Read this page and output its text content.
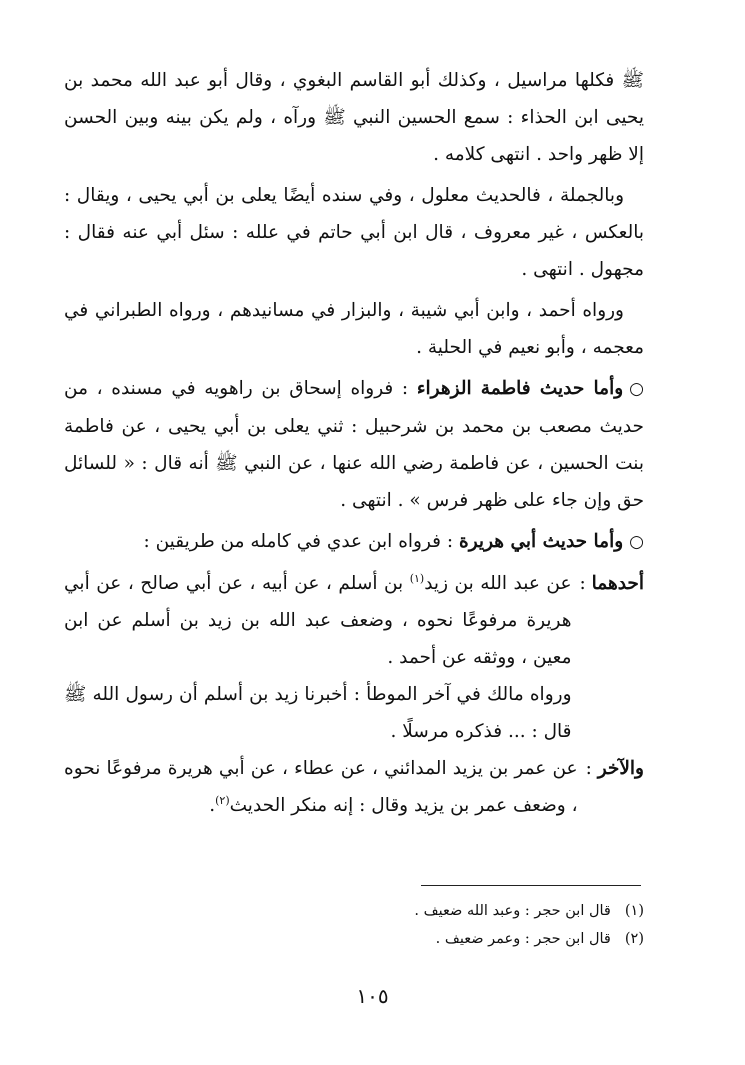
ﷺ فكلها مراسيل ، وكذلك أبو القاسم البغوي ، وقال أبو عبد الله محمد بن يحيى ابن الحذاء : سمع الحسين النبي ﷺ ورآه ، ولم يكن بينه وبين الحسن إلا ظهر واحد . انتهى كلامه .

وبالجملة ، فالحديث معلول ، وفي سنده أيضًا يعلى بن أبي يحيى ، ويقال : بالعكس ، غير معروف ، قال ابن أبي حاتم في علله : سئل أبي عنه فقال : مجهول . انتهى .

ورواه أحمد ، وابن أبي شيبة ، والبزار في مسانيدهم ، ورواه الطبراني في معجمه ، وأبو نعيم في الحلية .

○وأما حديث فاطمة الزهراء : فرواه إسحاق بن راهويه في مسنده ، من حديث مصعب بن محمد بن شرحبيل : ثني يعلى بن أبي يحيى ، عن فاطمة بنت الحسين ، عن فاطمة رضي الله عنها ، عن النبي ﷺ أنه قال : « للسائل حق وإن جاء على ظهر فرس » . انتهى .

○وأما حديث أبي هريرة : فرواه ابن عدي في كامله من طريقين :

أحدهما :

عن عبد الله بن زيد$^{(١)}$ بن أسلم ، عن أبيه ، عن أبي صالح ، عن أبي هريرة مرفوعًا نحوه ، وضعف عبد الله بن زيد بن أسلم عن ابن معين ، ووثقه عن أحمد .

ورواه مالك في آخر الموطأ : أخبرنا زيد بن أسلم أن رسول الله ﷺ قال : ... فذكره مرسلًا .

والآخر :

عن عمر بن يزيد المدائني ، عن عطاء ، عن أبي هريرة مرفوعًا نحوه ، وضعف عمر بن يزيد وقال : إنه منكر الحديث$^{(٢)}$.

(١)قال ابن حجر : وعبد الله ضعيف .

(٢)قال ابن حجر : وعمر ضعيف .

١٠٥
